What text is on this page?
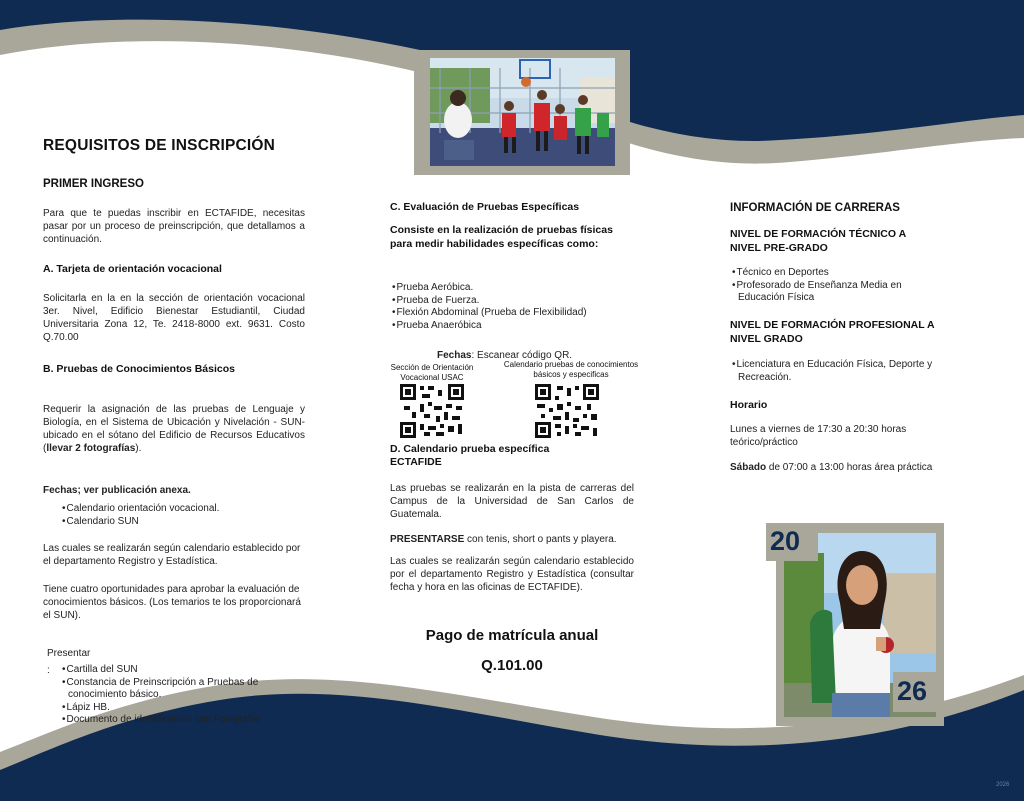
REQUISITOS DE INSCRIPCIÓN
PRIMER INGRESO
Para que te puedas inscribir en ECTAFIDE, necesitas pasar por un proceso de preinscripción, que detallamos a continuación.
A. Tarjeta de orientación vocacional
Solicitarla en la en la sección de orientación vocacional 3er. Nivel, Edificio Bienestar Estudiantil, Ciudad Universitaria Zona 12, Te. 2418-8000 ext. 9631. Costo Q.70.00
B. Pruebas de Conocimientos Básicos
Requerir la asignación de las pruebas de Lenguaje y Biología, en el Sistema de Ubicación y Nivelación - SUN- ubicado en el sótano del Edificio de Recursos Educativos (llevar 2 fotografías).
Fechas; ver publicación anexa.
• Calendario orientación vocacional.
• Calendario SUN
Las cuales se realizarán según calendario establecido por el departamento Registro y Estadística.
Tiene cuatro oportunidades para aprobar la evaluación de conocimientos básicos. (Los temarios te los proporcionará el SUN).
Presentar
:
•	Cartilla del SUN
• Constancia de Preinscripción a Pruebas de conocimiento básico.
• Lápiz HB.
• Documento de identificación con Fotografía.
C. Evaluación de Pruebas Específicas
Consiste en la realización de pruebas físicas para medir habilidades específicas como:
• Prueba Aeróbica.
• Prueba de Fuerza.
• Flexión Abdominal (Prueba de Flexibilidad)
• Prueba Anaeróbica
Fechas: Escanear código QR.
Sección de Orientación Vocacional USAC
Calendario pruebas de conocimientos básicos y especificas
D. Calendario prueba específica ECTAFIDE
Las pruebas se realizarán en la pista de carreras del Campus de la Universidad de San Carlos de Guatemala.
PRESENTARSE con tenis, short o pants y playera.
Las cuales se realizarán según calendario establecido por el departamento Registro y Estadística (consultar fecha y hora en las oficinas de ECTAFIDE).
Pago de matrícula anual
Q.101.00
INFORMACIÓN DE CARRERAS
NIVEL DE FORMACIÓN TÉCNICO A NIVEL PRE-GRADO
• Técnico en Deportes
• Profesorado de Enseñanza Media en Educación Física
NIVEL DE FORMACIÓN PROFESIONAL A NIVEL GRADO
• Licenciatura en Educación Física, Deporte y Recreación.
Horario
Lunes a viernes de 17:30 a 20:30 horas teórico/práctico
Sábado de 07:00 a 13:00 horas área práctica
20
26
2026
